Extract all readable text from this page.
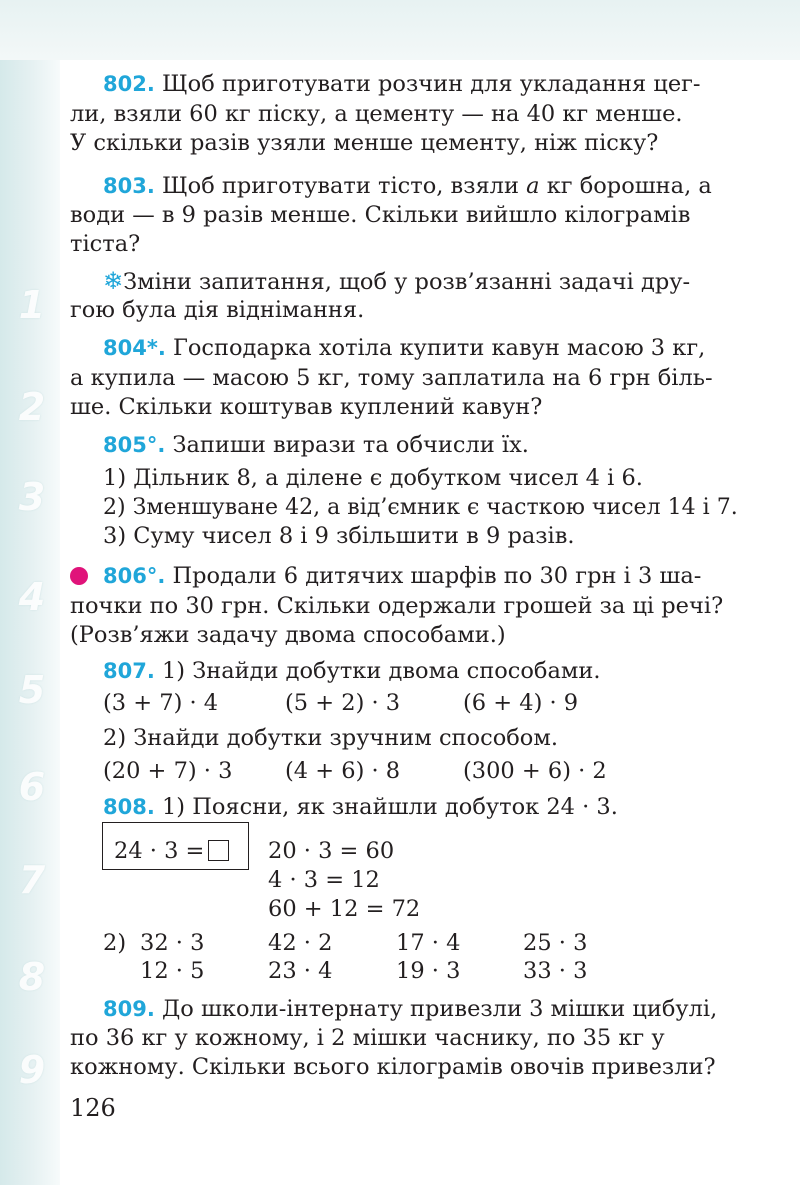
1
2
3
4
5
6
7
8
9
802. Щоб приготувати розчин для укладання цег-
ли, взяли 60 кг піску, а цементу — на 40 кг менше.
У скільки разів узяли менше цементу, ніж піску?
803. Щоб приготувати тісто, взяли a кг борошна, а
води — в 9 разів менше. Скільки вийшло кілограмів
тіста?
❄Зміни запитання, щоб у розв’язанні задачі дру-
гою була дія віднімання.
804*. Господарка хотіла купити кавун масою 3 кг,
а купила — масою 5 кг, тому заплатила на 6 грн біль-
ше. Скільки коштував куплений кавун?
805°. Запиши вирази та обчисли їх.
1) Дільник 8, а ділене є добутком чисел 4 і 6.
2) Зменшуване 42, а від’ємник є часткою чисел 14 і 7.
3) Суму чисел 8 і 9 збільшити в 9 разів.
806°. Продали 6 дитячих шарфів по 30 грн і 3 ша-
почки по 30 грн. Скільки одержали грошей за ці речі?
(Розв’яжи задачу двома способами.)
807. 1) Знайди добутки двома способами.
(3 + 7) · 4	(5 + 2) · 3	(6 + 4) · 9
2) Знайди добутки зручним способом.
(20 + 7) · 3 (4 + 6) · 8	(300 + 6) · 2
808. 1) Поясни, як знайшли добуток 24 · 3.
24 · 3 =	20 · 3 = 60
4 · 3 = 12
60 + 12 = 72
2) 32 · 3	42 · 2	17 · 4	25 · 3
12 · 5	23 · 4	19 · 3	33 · 3
809. До школи-інтернату привезли 3 мішки цибулі,
по 36 кг у кожному, і 2 мішки часнику, по 35 кг у
кожному. Скільки всього кілограмів овочів привезли?
126
